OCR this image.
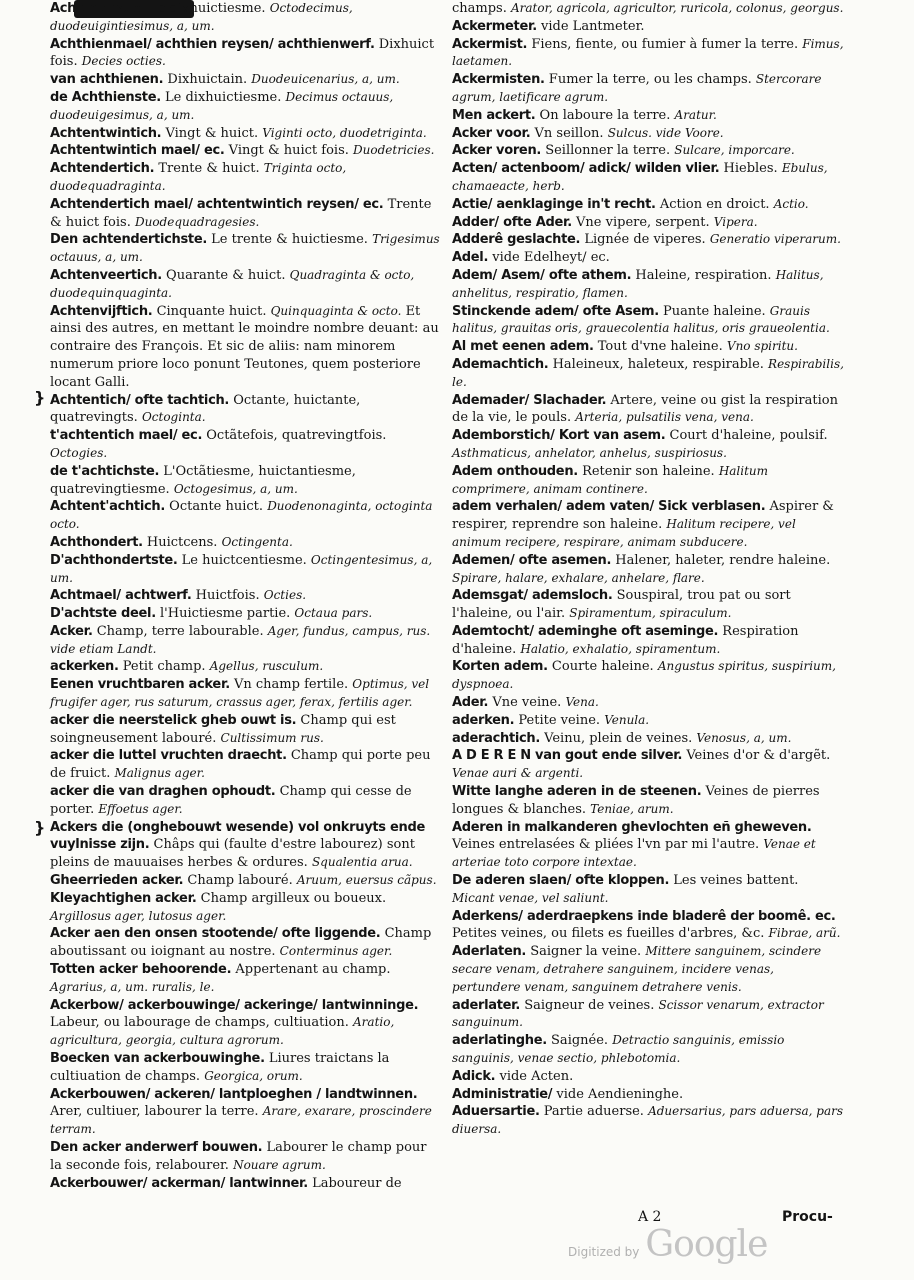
}
}

Achtthienste. Le dixhuictiesme. Octodecimus, duodeuigintiesimus, a, um.

Achthienmael/ achthien reysen/ achthienwerf. Dixhuict fois. Decies octies.

van achthienen. Dixhuictain. Duodeuicenarius, a, um.

de Achthienste. Le dixhuictiesme. Decimus octauus, duodeuigesimus, a, um.

Achtentwintich. Vingt & huict. Viginti octo, duodetriginta.

Achtentwintich mael/ ec. Vingt & huict fois. Duodetricies.

Achtendertich. Trente & huict. Triginta octo, duodequadraginta.

Achtendertich mael/ achtentwintich reysen/ ec. Trente & huict fois. Duodequadragesies.

Den achtendertichste. Le trente & huictiesme. Trigesimus octauus, a, um.

Achtenveertich. Quarante & huict. Quadraginta & octo, duodequinquaginta.

Achtenvijftich. Cinquante huict. Quinquaginta & octo. Et ainsi des autres, en mettant le moindre nombre deuant: au contraire des François. Et sic de aliis: nam minorem numerum priore loco ponunt Teutones, quem posteriore locant Galli.

Achtentich/ ofte tachtich. Octante, huictante, quatrevingts. Octoginta.

t'achtentich mael/ ec. Octãtefois, quatrevingtfois. Octogies.

de t'achtichste. L'Octãtiesme, huictantiesme, quatrevingtiesme. Octogesimus, a, um.

Achtent'achtich. Octante huict. Duodenonaginta, octoginta octo.

Achthondert. Huictcens. Octingenta.

D'achthondertste. Le huictcentiesme. Octingentesimus, a, um.

Achtmael/ achtwerf. Huictfois. Octies.

D'achtste deel. l'Huictiesme partie. Octaua pars.

Acker. Champ, terre labourable. Ager, fundus, campus, rus. vide etiam Landt.

ackerken. Petit champ. Agellus, rusculum.

Eenen vruchtbaren acker. Vn champ fertile. Optimus, vel frugifer ager, rus saturum, crassus ager, ferax, fertilis ager.

acker die neerstelick gheb ouwt is. Champ qui est soingneusement labouré. Cultissimum rus.

acker die luttel vruchten draecht. Champ qui porte peu de fruict. Malignus ager.

acker die van draghen ophoudt. Champ qui cesse de porter. Effoetus ager.

Ackers die (onghebouwt wesende) vol onkruyts ende vuylnisse zijn. Châps qui (faulte d'estre labourez) sont pleins de mauuaises herbes & ordures. Squalentia arua.

Gheerrieden acker. Champ labouré. Aruum, euersus cãpus.

Kleyachtighen acker. Champ argilleux ou boueux. Argillosus ager, lutosus ager.

Acker aen den onsen stootende/ ofte liggende. Champ aboutissant ou ioignant au nostre. Conterminus ager.

Totten acker behoorende. Appertenant au champ. Agrarius, a, um. ruralis, le.

Ackerbow/ ackerbouwinge/ ackeringe/ lantwinninge. Labeur, ou labourage de champs, cultiuation. Aratio, agricultura, georgia, cultura agrorum.

Boecken van ackerbouwinghe. Liures traictans la cultiuation de champs. Georgica, orum.

Ackerbouwen/ ackeren/ lantploeghen / landtwinnen. Arer, cultiuer, labourer la terre. Arare, exarare, proscindere terram.

Den acker anderwerf bouwen. Labourer le champ pour la seconde fois, relabourer. Nouare agrum.

Ackerbouwer/ ackerman/ lantwinner. Laboureur de

champs. Arator, agricola, agricultor, ruricola, colonus, georgus.

Ackermeter. vide Lantmeter.

Ackermist. Fiens, fiente, ou fumier à fumer la terre. Fimus, laetamen.

Ackermisten. Fumer la terre, ou les champs. Stercorare agrum, laetificare agrum.

Men ackert. On laboure la terre. Aratur.

Acker voor. Vn seillon. Sulcus. vide Voore.

Acker voren. Seillonner la terre. Sulcare, imporcare.

Acten/ actenboom/ adick/ wilden vlier. Hiebles. Ebulus, chamaeacte, herb.

Actie/ aenklaginge in't recht. Action en droict. Actio.

Adder/ ofte Ader. Vne vipere, serpent. Vipera.

Adderê geslachte. Lignée de viperes. Generatio viperarum.

Adel. vide Edelheyt/ ec.

Adem/ Asem/ ofte athem. Haleine, respiration. Halitus, anhelitus, respiratio, flamen.

Stinckende adem/ ofte Asem. Puante haleine. Grauis halitus, grauitas oris, grauecolentia halitus, oris graueolentia.

Al met eenen adem. Tout d'vne haleine. Vno spiritu.

Ademachtich. Haleineux, haleteux, respirable. Respirabilis, le.

Ademader/ Slachader. Artere, veine ou gist la respiration de la vie, le pouls. Arteria, pulsatilis vena, vena.

Ademborstich/ Kort van asem. Court d'haleine, poulsif. Asthmaticus, anhelator, anhelus, suspiriosus.

Adem onthouden. Retenir son haleine. Halitum comprimere, animam continere.

adem verhalen/ adem vaten/ Sick verblasen. Aspirer & respirer, reprendre son haleine. Halitum recipere, vel animum recipere, respirare, animam subducere.

Ademen/ ofte asemen. Halener, haleter, rendre haleine. Spirare, halare, exhalare, anhelare, flare.

Ademsgat/ ademsloch. Souspiral, trou pat ou sort l'haleine, ou l'air. Spiramentum, spiraculum.

Ademtocht/ ademinghe oft aseminge. Respiration d'haleine. Halatio, exhalatio, spiramentum.

Korten adem. Courte haleine. Angustus spiritus, suspirium, dyspnoea.

Ader. Vne veine. Vena.

aderken. Petite veine. Venula.

aderachtich. Veinu, plein de veines. Venosus, a, um.

A D E R E N van gout ende silver. Veines d'or & d'argẽt. Venae auri & argenti.

Witte langhe aderen in de steenen. Veines de pierres longues & blanches. Teniae, arum.

Aderen in malkanderen ghevlochten eñ gheweven. Veines entrelasées & pliées l'vn par mi l'autre. Venae et arteriae toto corpore intextae.

De aderen slaen/ ofte kloppen. Les veines battent. Micant venae, vel saliunt.

Aderkens/ aderdraepkens inde bladerê der boomê. ec. Petites veines, ou filets es fueilles d'arbres, &c. Fibrae, arũ.

Aderlaten. Saigner la veine. Mittere sanguinem, scindere secare venam, detrahere sanguinem, incidere venas, pertundere venam, sanguinem detrahere venis.

aderlater. Saigneur de veines. Scissor venarum, extractor sanguinum.

aderlatinghe. Saignée. Detractio sanguinis, emissio sanguinis, venae sectio, phlebotomia.

Adick. vide Acten.

Administratie/ vide Aendieninghe.

Aduersartie. Partie aduerse. Aduersarius, pars aduersa, pars diuersa.

A 2	Procu-
Digitized by Google
